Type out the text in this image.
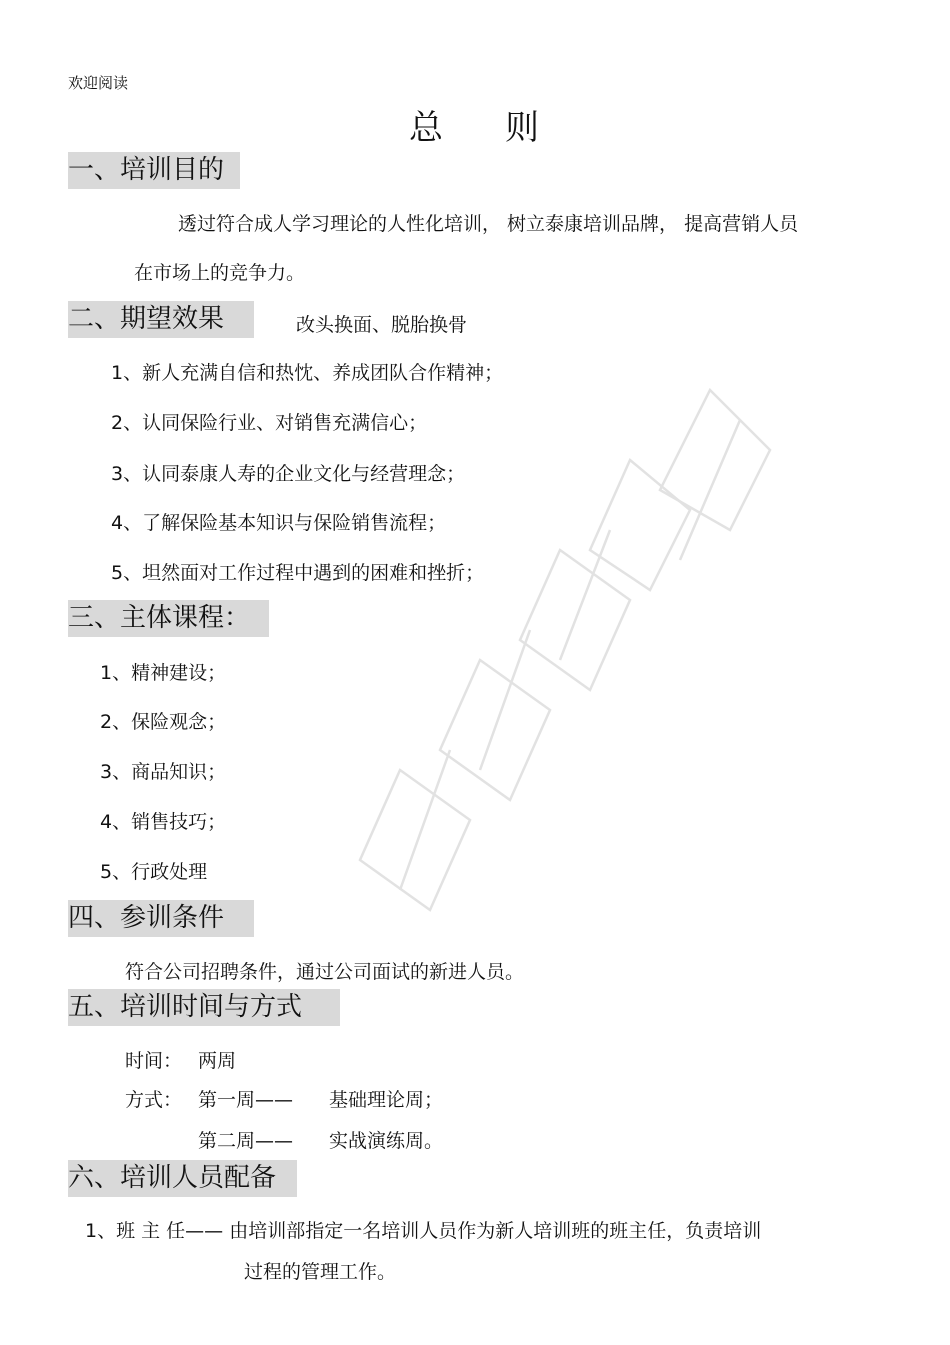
欢迎阅读
总 则
一、培训目的
透过符合成人学习理论的人性化培训， 树立泰康培训品牌， 提高营销人员
在市场上的竞争力。
二、期望效果	改头换面、脱胎换骨
1、新人充满自信和热忱、养成团队合作精神；
2、认同保险行业、对销售充满信心；
3、认同泰康人寿的企业文化与经营理念；
4、了解保险基本知识与保险销售流程；
5、坦然面对工作过程中遇到的困难和挫折；
三、主体课程：
1、精神建设；
2、保险观念；
3、商品知识；
4、销售技巧；
5、行政处理
四、参训条件
符合公司招聘条件，通过公司面试的新进人员。
五、培训时间与方式
时间： 两周
方式： 第一周—— 基础理论周；
第二周—— 实战演练周。
六、培训人员配备
1、班 主 任—— 由培训部指定一名培训人员作为新人培训班的班主任，负责培训
过程的管理工作。
